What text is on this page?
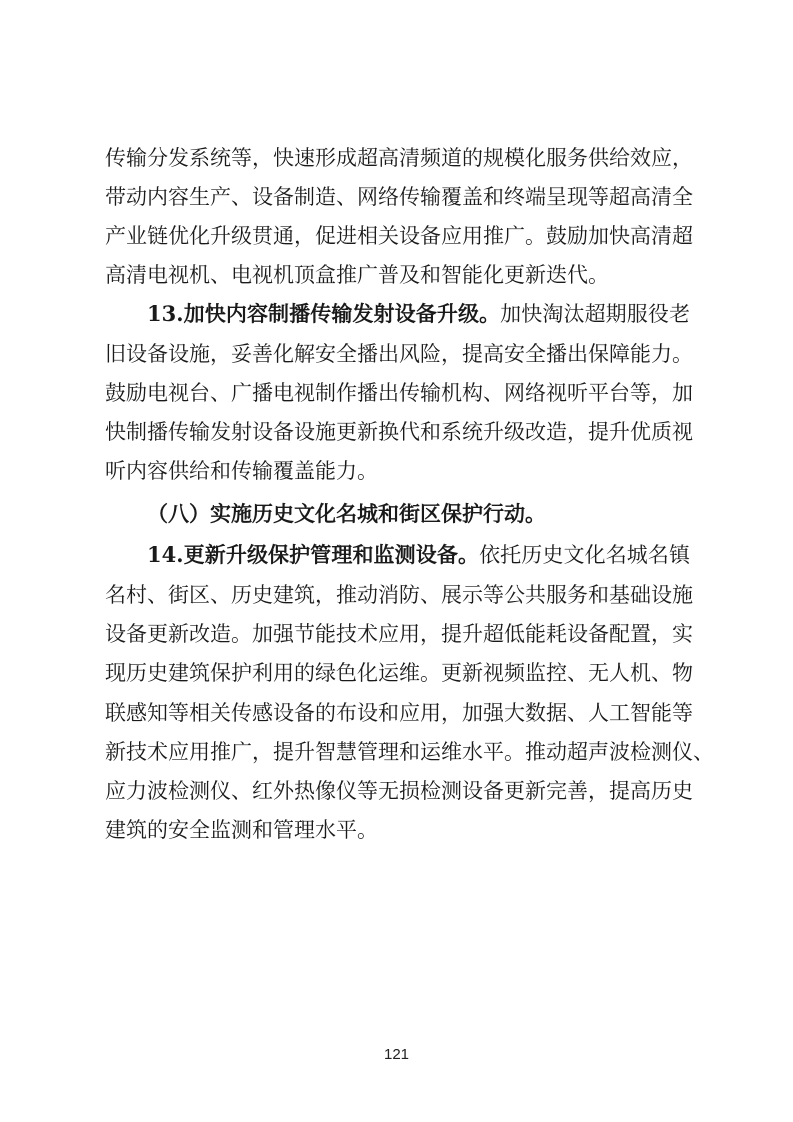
传输分发系统等，快速形成超高清频道的规模化服务供给效应，
带动内容生产、设备制造、网络传输覆盖和终端呈现等超高清全
产业链优化升级贯通，促进相关设备应用推广。鼓励加快高清超
高清电视机、电视机顶盒推广普及和智能化更新迭代。
13.加快内容制播传输发射设备升级。加快淘汰超期服役老
旧设备设施，妥善化解安全播出风险，提高安全播出保障能力。
鼓励电视台、广播电视制作播出传输机构、网络视听平台等，加
快制播传输发射设备设施更新换代和系统升级改造，提升优质视
听内容供给和传输覆盖能力。
（八）实施历史文化名城和街区保护行动。
14.更新升级保护管理和监测设备。依托历史文化名城名镇
名村、街区、历史建筑，推动消防、展示等公共服务和基础设施
设备更新改造。加强节能技术应用，提升超低能耗设备配置，实
现历史建筑保护利用的绿色化运维。更新视频监控、无人机、物
联感知等相关传感设备的布设和应用，加强大数据、人工智能等
新技术应用推广，提升智慧管理和运维水平。推动超声波检测仪、
应力波检测仪、红外热像仪等无损检测设备更新完善，提高历史
建筑的安全监测和管理水平。
121
